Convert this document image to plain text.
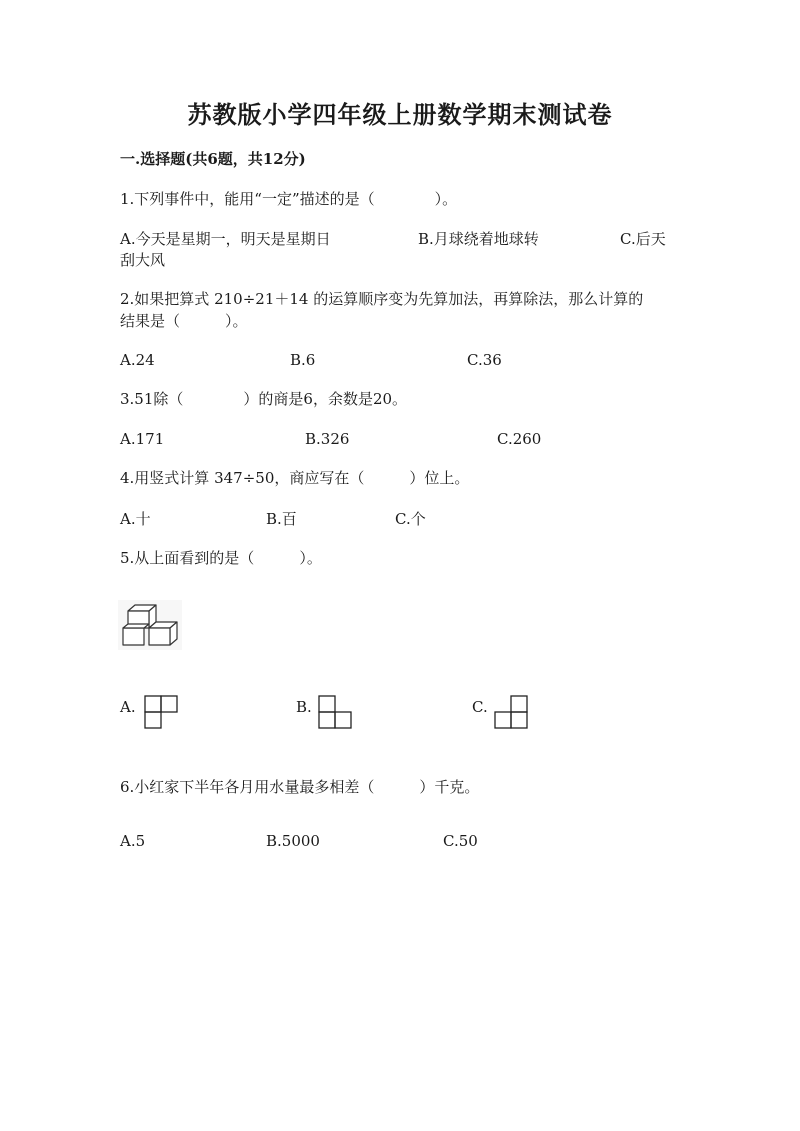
苏教版小学四年级上册数学期末测试卷
一.选择题(共6题，共12分)
1.下列事件中，能用“一定”描述的是（　　　　）。
A.今天是星期一，明天是星期日	B.月球绕着地球转	C.后天
刮大风
2.如果把算式 210÷21＋14 的运算顺序变为先算加法，再算除法，那么计算的
结果是（　　　）。
A.24	B.6	C.36
3.51除（　　　　）的商是6，余数是20。
A.171	B.326	C.260
4.用竖式计算 347÷50，商应写在（　　　）位上。
A.十	B.百	C.个
5.从上面看到的是（　　　）。
A.	B.	C.
6.小红家下半年各月用水量最多相差（　　　）千克。
A.5	B.5000	C.50
